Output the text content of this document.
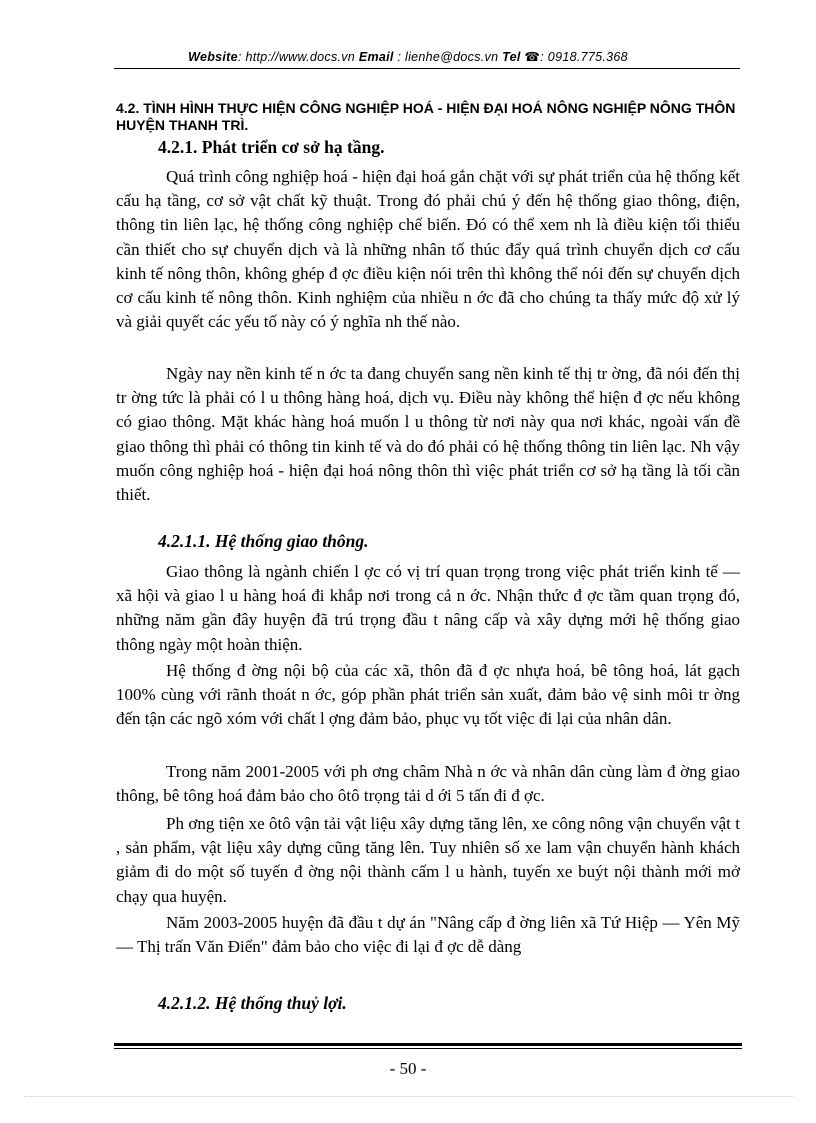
Website: http://www.docs.vn Email : lienhe@docs.vn Tel ☎: 0918.775.368

4.2. TÌNH HÌNH THỰC HIỆN CÔNG NGHIỆP HOÁ - HIỆN ĐẠI HOÁ NÔNG NGHIỆP NÔNG THÔN HUYỆN THANH TRÌ.

4.2.1. Phát triển cơ sở hạ tầng.

Quá trình công nghiệp hoá - hiện đại hoá gắn chặt với sự phát triển của hệ thống kết cấu hạ tầng, cơ sở vật chất kỹ thuật. Trong đó phải chú ý đến hệ thống giao thông, điện, thông tin liên lạc, hệ thống công nghiệp chế biến. Đó có thể xem nh là điều kiện tối thiểu cần thiết cho sự chuyển dịch và là những nhân tố thúc đẩy quá trình chuyển dịch cơ cấu kinh tế nông thôn, không ghép đ ợc điều kiện nói trên thì không thể nói đến sự chuyển dịch cơ cấu kinh tế nông thôn. Kinh nghiệm của nhiều n ớc đã cho chúng ta thấy mức độ xử lý và giải quyết các yếu tố này có ý nghĩa nh thế nào.

Ngày nay nền kinh tế n ớc ta đang chuyển sang nền kinh tế thị tr ờng, đã nói đến thị tr ờng tức là phải có l u thông hàng hoá, dịch vụ. Điều này không thể hiện đ ợc nếu không có giao thông. Mặt khác hàng hoá muốn l u thông từ nơi này qua nơi khác, ngoài vấn đề giao thông thì phải có thông tin kinh tế và do đó phải có hệ thống thông tin liên lạc. Nh vậy muốn công nghiệp hoá - hiện đại hoá nông thôn thì việc phát triển cơ sở hạ tầng là tối cần thiết.

4.2.1.1. Hệ thống giao thông.

Giao thông là ngành chiến l ợc có vị trí quan trọng trong việc phát triển kinh tế — xã hội và giao l u hàng hoá đi khắp nơi trong cả n ớc. Nhận thức đ ợc tầm quan trọng đó, những năm gần đây huyện đã trú trọng đầu t nâng cấp và xây dựng mới hệ thống giao thông ngày một hoàn thiện.

Hệ thống đ ờng nội bộ của các xã, thôn đã đ ợc nhựa hoá, bê tông hoá, lát gạch 100% cùng với rãnh thoát n ớc, góp phần phát triển sản xuất, đảm bảo vệ sinh môi tr ờng đến tận các ngõ xóm với chất l ợng đảm bảo, phục vụ tốt việc đi lại của nhân dân.

Trong năm 2001-2005 với ph ơng châm Nhà n ớc và nhân dân cùng làm đ ờng giao thông, bê tông hoá đảm bảo cho ôtô trọng tải d ới 5 tấn đi đ ợc.

Ph ơng tiện xe ôtô vận tải vật liệu xây dựng tăng lên, xe công nông vận chuyển vật t , sản phẩm, vật liệu xây dựng cũng tăng lên. Tuy nhiên số xe lam vận chuyển hành khách giảm đi do một số tuyến đ ờng nội thành cấm l u hành, tuyến xe buýt nội thành mới mở chạy qua huyện.

Năm 2003-2005 huyện đã đầu t dự án "Nâng cấp đ ờng liên xã Tứ Hiệp — Yên Mỹ — Thị trấn Văn Điển" đảm bảo cho việc đi lại đ ợc dễ dàng

4.2.1.2. Hệ thống thuỷ lợi.

- 50 -
